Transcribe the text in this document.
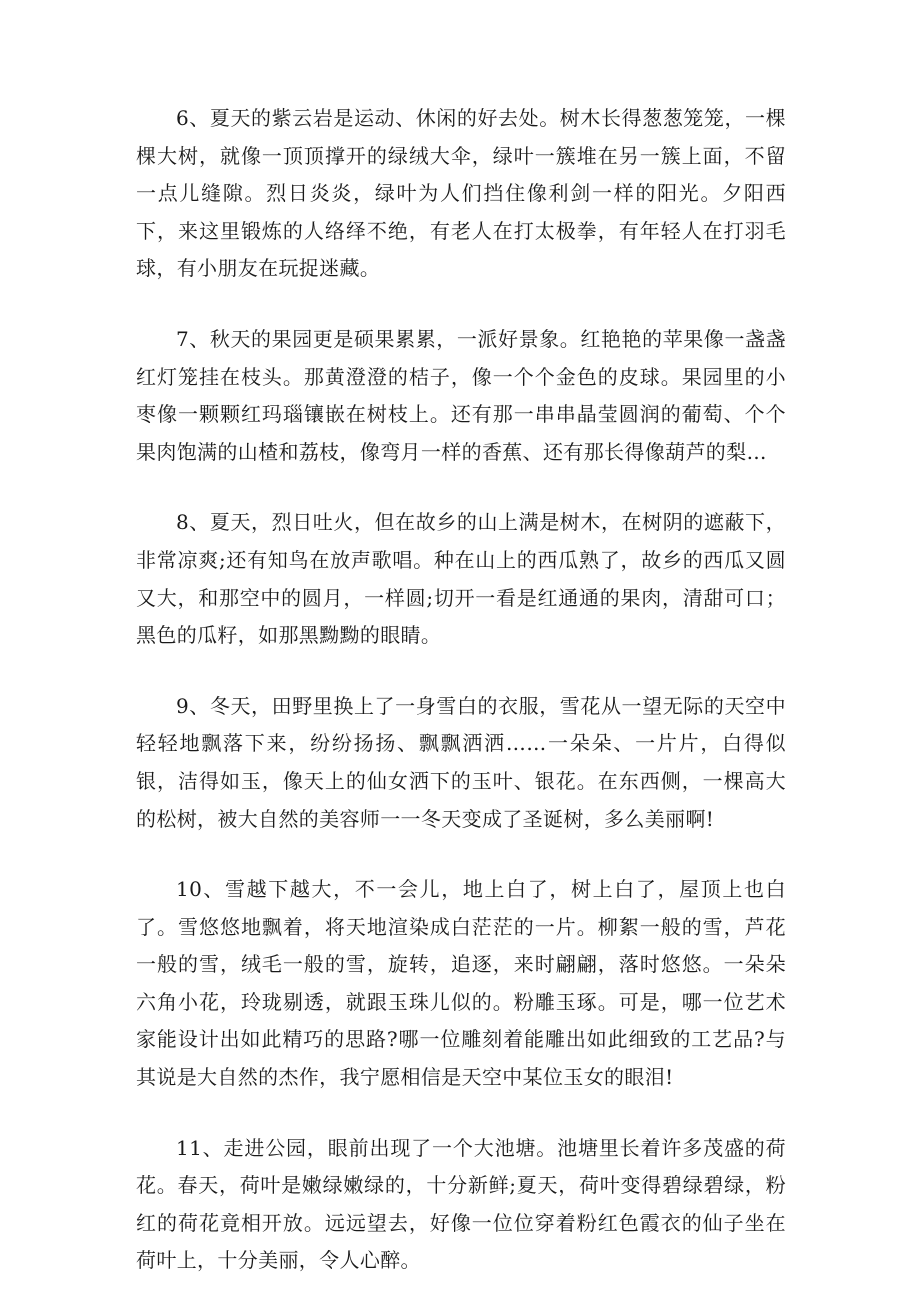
6、夏天的紫云岩是运动、休闲的好去处。树木长得葱葱笼笼，一棵棵大树，就像一顶顶撑开的绿绒大伞，绿叶一簇堆在另一簇上面，不留一点儿缝隙。烈日炎炎，绿叶为人们挡住像利剑一样的阳光。夕阳西下，来这里锻炼的人络绎不绝，有老人在打太极拳，有年轻人在打羽毛球，有小朋友在玩捉迷藏。

7、秋天的果园更是硕果累累，一派好景象。红艳艳的苹果像一盏盏红灯笼挂在枝头。那黄澄澄的桔子，像一个个金色的皮球。果园里的小枣像一颗颗红玛瑙镶嵌在树枝上。还有那一串串晶莹圆润的葡萄、个个果肉饱满的山楂和荔枝，像弯月一样的香蕉、还有那长得像葫芦的梨…

8、夏天，烈日吐火，但在故乡的山上满是树木，在树阴的遮蔽下，非常凉爽;还有知鸟在放声歌唱。种在山上的西瓜熟了，故乡的西瓜又圆又大，和那空中的圆月，一样圆;切开一看是红通通的果肉，清甜可口；黑色的瓜籽，如那黑黝黝的眼睛。

9、冬天，田野里换上了一身雪白的衣服，雪花从一望无际的天空中轻轻地飘落下来，纷纷扬扬、飘飘洒洒……一朵朵、一片片，白得似银，洁得如玉，像天上的仙女洒下的玉叶、银花。在东西侧，一棵高大的松树，被大自然的美容师一一冬天变成了圣诞树，多么美丽啊!

10、雪越下越大，不一会儿，地上白了，树上白了，屋顶上也白了。雪悠悠地飘着，将天地渲染成白茫茫的一片。柳絮一般的雪，芦花一般的雪，绒毛一般的雪，旋转，追逐，来时翩翩，落时悠悠。一朵朵六角小花，玲珑剔透，就跟玉珠儿似的。粉雕玉琢。可是，哪一位艺术家能设计出如此精巧的思路?哪一位雕刻着能雕出如此细致的工艺品?与其说是大自然的杰作，我宁愿相信是天空中某位玉女的眼泪!

11、走进公园，眼前出现了一个大池塘。池塘里长着许多茂盛的荷花。春天，荷叶是嫩绿嫩绿的，十分新鲜;夏天，荷叶变得碧绿碧绿，粉红的荷花竟相开放。远远望去，好像一位位穿着粉红色霞衣的仙子坐在荷叶上，十分美丽，令人心醉。
